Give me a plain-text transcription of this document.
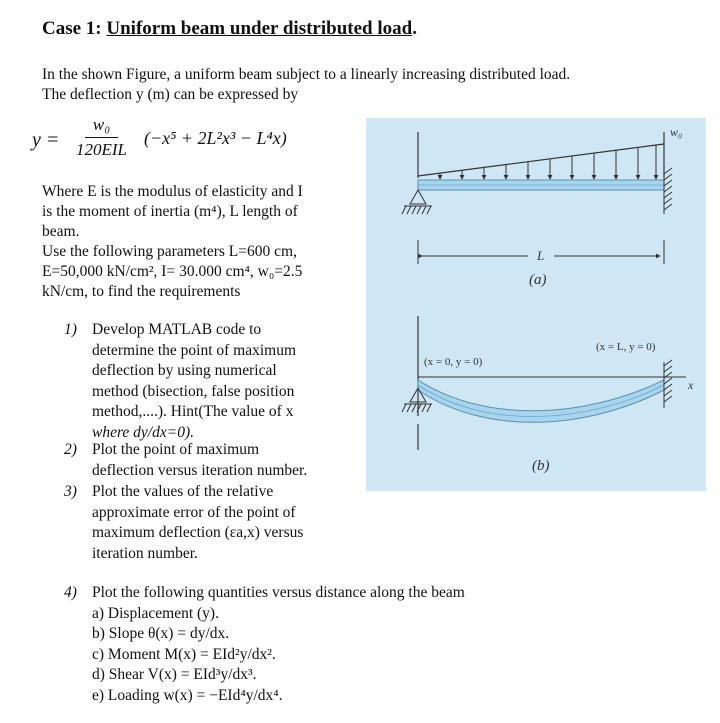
Case 1: Uniform beam under distributed load.
In the shown Figure, a uniform beam subject to a linearly increasing distributed load.
The deflection y (m) can be expressed by
y =
w₀
120EIL
(−x⁵ + 2L²x³ − L⁴x)
Where E is the modulus of elasticity and I
is the moment of inertia (m⁴), L length of
beam.
Use the following parameters L=600 cm,
E=50,000 kN/cm², I= 30.000 cm⁴, w₀=2.5
kN/cm, to find the requirements
1) Develop MATLAB code to
determine the point of maximum
deflection by using numerical
method (bisection, false position
method,....). Hint(The value of x
where dy/dx=0).
2) Plot the point of maximum
deflection versus iteration number.
3) Plot the values of the relative
approximate error of the point of
maximum deflection (εa,x) versus
iteration number.
4) Plot the following quantities versus distance along the beam
a) Displacement (y).
b) Slope θ(x) = dy/dx.
c) Moment M(x) = EId²y/dx².
d) Shear V(x) = EId³y/dx³.
e) Loading w(x) = −EId⁴y/dx⁴.
w₀
L
(a)
(x = 0, y = 0)
(x = L, y = 0)
x
(b)
